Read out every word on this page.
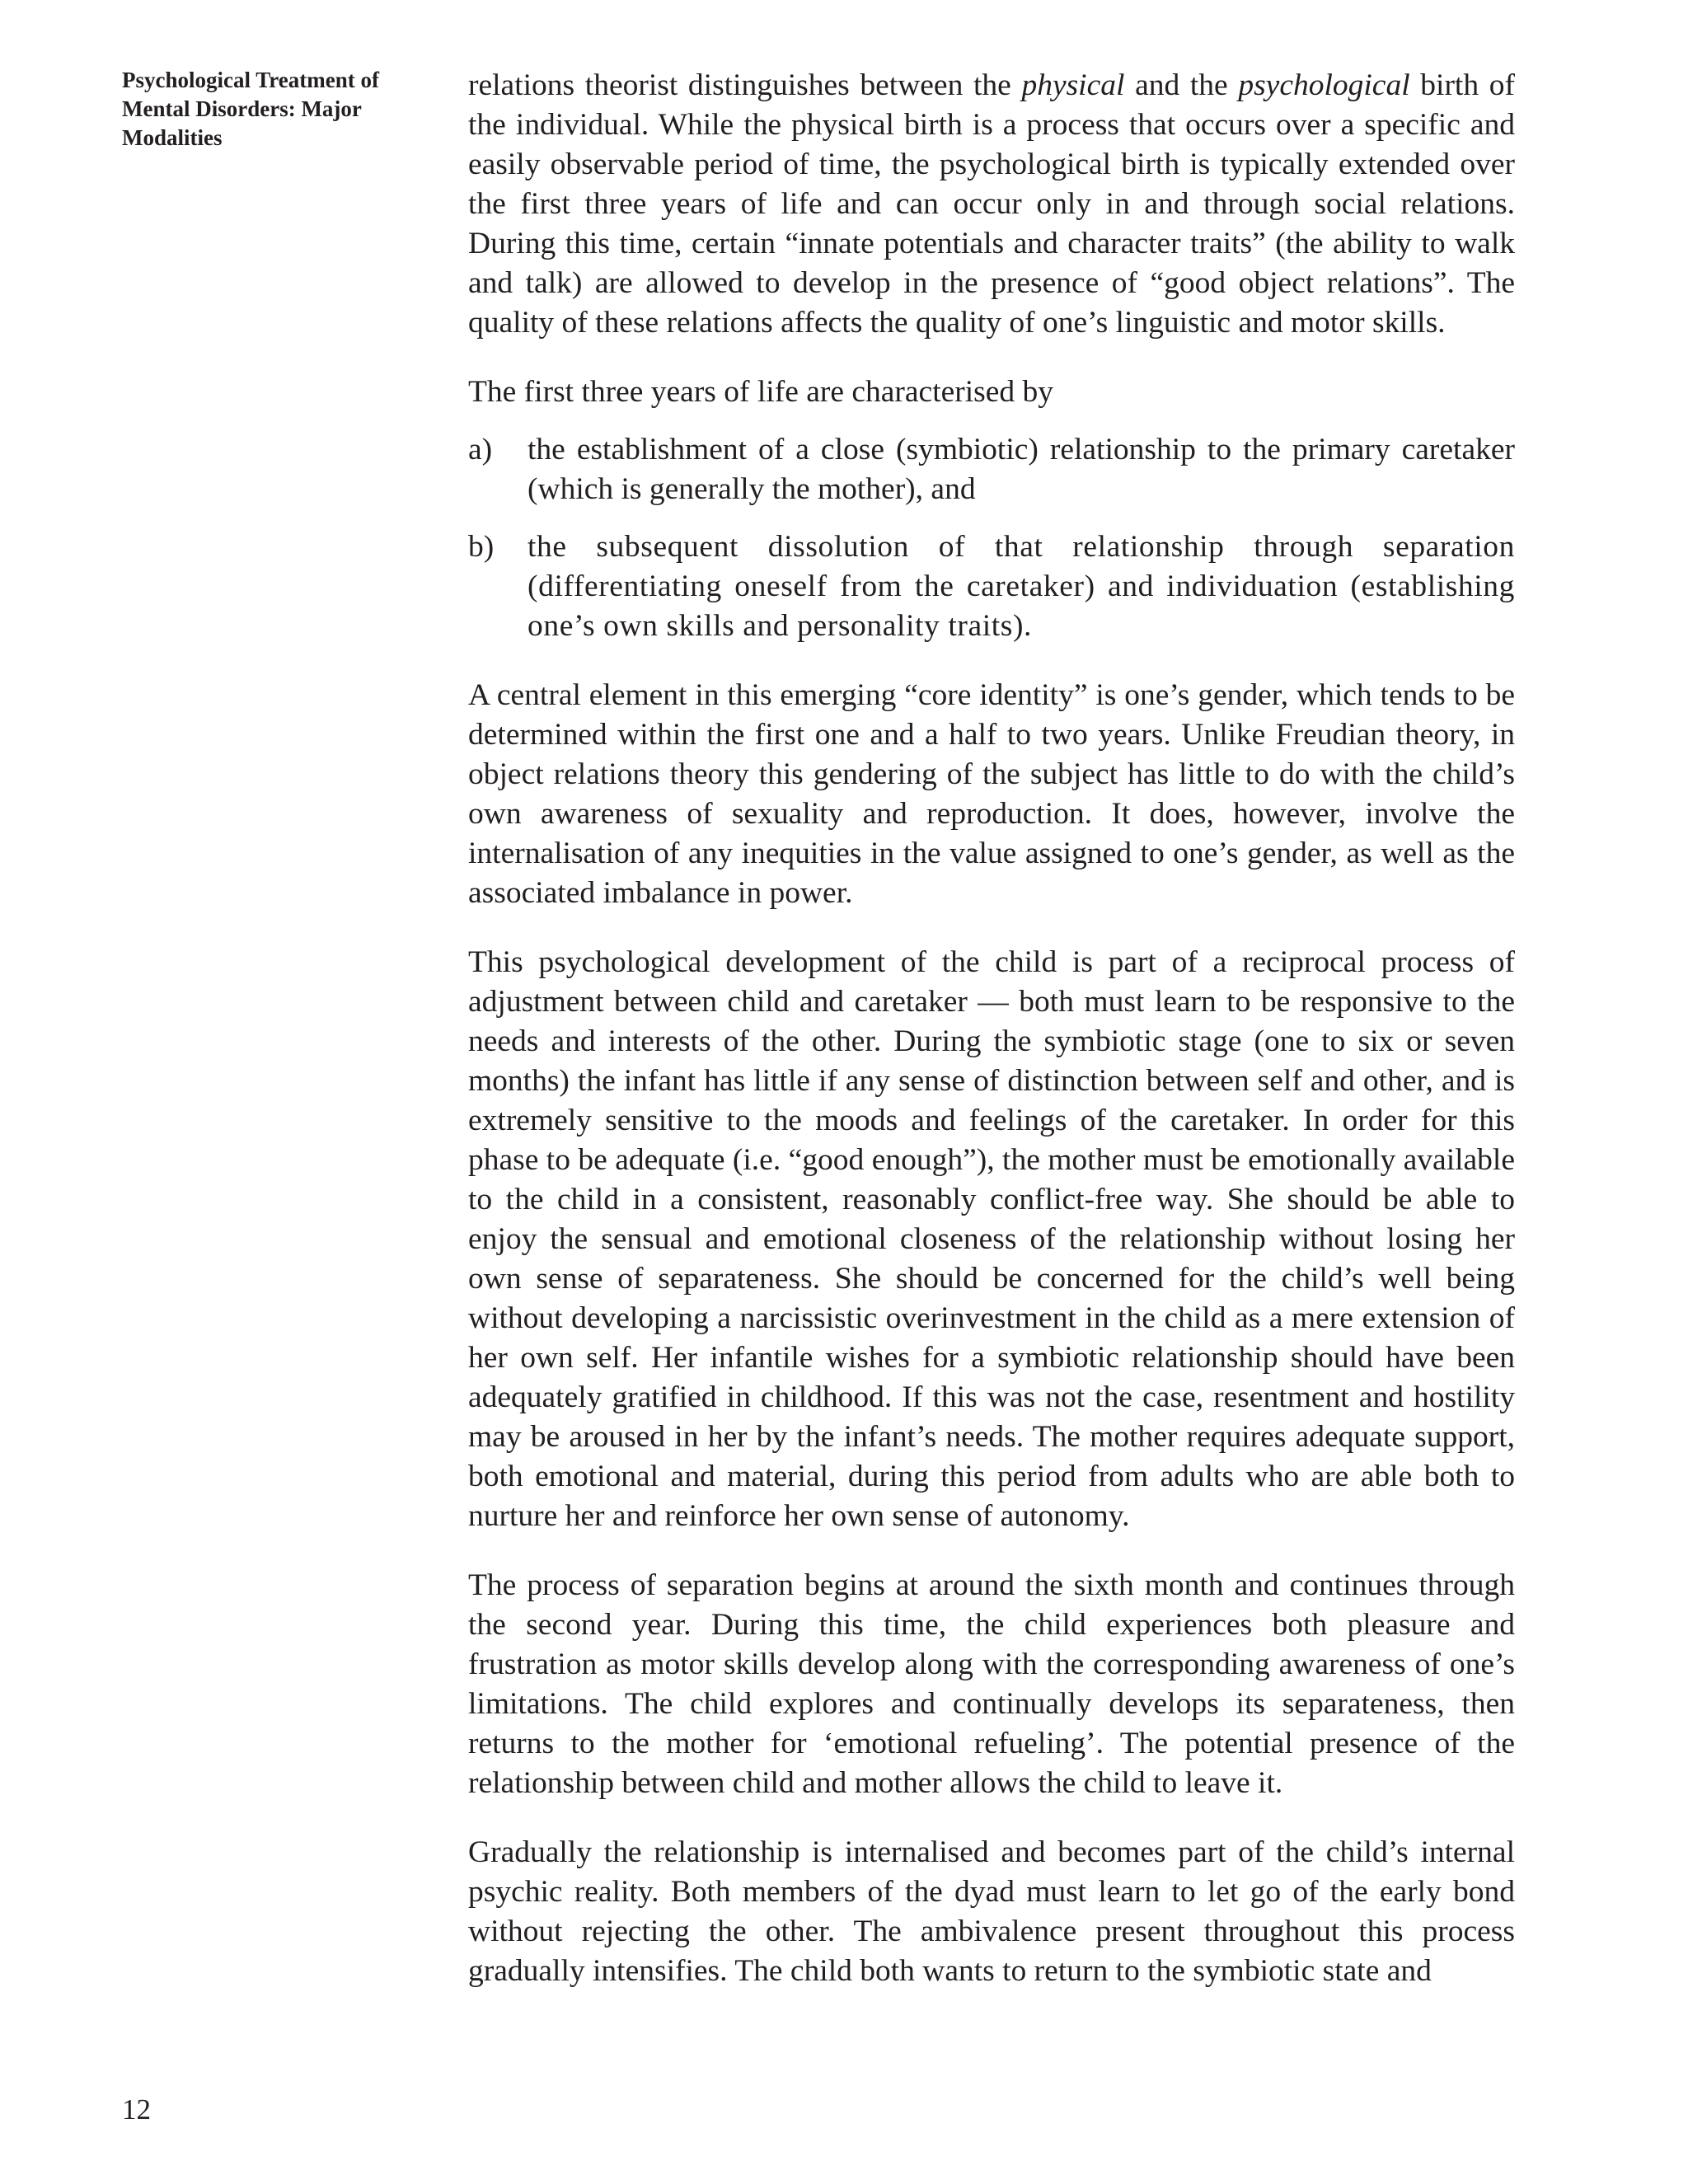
Psychological Treatment of
Mental Disorders: Major
Modalities

relations theorist distinguishes between the physical and the psychological birth of the individual. While the physical birth is a process that occurs over a specific and easily observable period of time, the psychological birth is typically extended over the first three years of life and can occur only in and through social relations. During this time, certain “innate potentials and character traits” (the ability to walk and talk) are allowed to develop in the presence of “good object relations”. The quality of these relations affects the quality of one’s linguistic and motor skills.

The first three years of life are characterised by

a) the establishment of a close (symbiotic) relationship to the primary caretaker (which is generally the mother), and
b) the subsequent dissolution of that relationship through separation (differentiating oneself from the caretaker) and individuation (establishing one’s own skills and personality traits).

A central element in this emerging “core identity” is one’s gender, which tends to be determined within the first one and a half to two years. Unlike Freudian theory, in object relations theory this gendering of the subject has little to do with the child’s own awareness of sexuality and reproduction. It does, however, involve the internalisation of any inequities in the value assigned to one’s gender, as well as the associated imbalance in power.

This psychological development of the child is part of a reciprocal process of adjustment between child and caretaker — both must learn to be responsive to the needs and interests of the other. During the symbiotic stage (one to six or seven months) the infant has little if any sense of distinction between self and other, and is extremely sensitive to the moods and feelings of the caretaker. In order for this phase to be adequate (i.e. “good enough”), the mother must be emotionally available to the child in a consistent, reasonably conflict-free way. She should be able to enjoy the sensual and emotional closeness of the relationship without losing her own sense of separateness. She should be concerned for the child’s well being without developing a narcissistic overinvestment in the child as a mere extension of her own self. Her infantile wishes for a symbiotic relationship should have been adequately gratified in childhood. If this was not the case, resentment and hostility may be aroused in her by the infant’s needs. The mother requires adequate support, both emotional and material, during this period from adults who are able both to nurture her and reinforce her own sense of autonomy.

The process of separation begins at around the sixth month and continues through the second year. During this time, the child experiences both pleasure and frustration as motor skills develop along with the corresponding awareness of one’s limitations. The child explores and continually develops its separateness, then returns to the mother for ‘emotional refueling’. The potential presence of the relationship between child and mother allows the child to leave it.

Gradually the relationship is internalised and becomes part of the child’s internal psychic reality. Both members of the dyad must learn to let go of the early bond without rejecting the other. The ambivalence present throughout this process gradually intensifies. The child both wants to return to the symbiotic state and

12
